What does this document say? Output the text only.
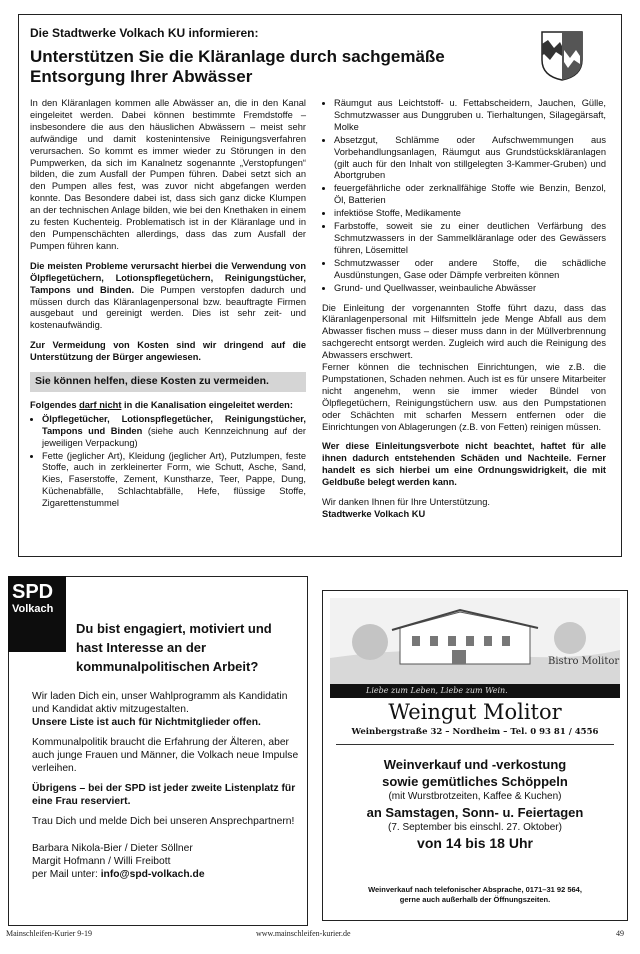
Die Stadtwerke Volkach KU informieren:
Unterstützen Sie die Kläranlage durch sachgemäße Entsorgung Ihrer Abwässer

In den Kläranlagen kommen alle Abwässer an, die in den Kanal eingeleitet werden. Dabei können bestimmte Fremdstoffe – insbesondere die aus den häuslichen Abwässern – meist sehr aufwändige und damit kostenintensive Reinigungsverfahren verursachen. So kommt es immer wieder zu Störungen in den Pumpwerken, da sich im Kanalnetz sogenannte „Verstopfungen“ bilden, die zum Ausfall der Pumpen führen. Dabei setzt sich an den Pumpen alles fest, was zuvor nicht abgefangen werden konnte. Das Besondere dabei ist, dass sich ganz dicke Klumpen an der technischen Anlage bilden, wie bei den Knethaken in einem zu festen Kuchenteig. Problematisch ist in der Kläranlage und in den Pumpenschächten allerdings, dass das zum Ausfall der Pumpen führen kann.

Die meisten Probleme verursacht hierbei die Verwendung von Ölpflegetüchern, Lotionspflegetüchern, Reinigungstücher, Tampons und Binden. Die Pumpen verstopfen dadurch und müssen durch das Kläranlagenpersonal bzw. beauftragte Firmen ausgebaut und gereinigt werden. Dies ist sehr zeit- und kostenaufwändig.

Zur Vermeidung von Kosten sind wir dringend auf die Unterstützung der Bürger angewiesen.

Sie können helfen, diese Kosten zu vermeiden.

Folgendes darf nicht in die Kanalisation eingeleitet werden:

• Ölpflegetücher, Lotionspflegetücher, Reinigungstücher, Tampons und Binden (siehe auch Kennzeichnung auf der jeweiligen Verpackung)
• Fette (jeglicher Art), Kleidung (jeglicher Art), Putzlumpen, feste Stoffe, auch in zerkleinerter Form, wie Schutt, Asche, Sand, Kies, Faserstoffe, Zement, Kunstharze, Teer, Pappe, Dung, Küchenabfälle, Schlachtabfälle, Hefe, flüssige Stoffe, Zigarettenstummel
• Räumgut aus Leichtstoff- u. Fettabscheidern, Jauchen, Gülle, Schmutzwasser aus Dunggruben u. Tierhaltungen, Silagegärsaft, Molke
• Absetzgut, Schlämme oder Aufschwemmungen aus Vorbehandlungsanlagen, Räumgut aus Grundstückskläranlagen (gilt auch für den Inhalt von stillgelegten 3-Kammer-Gruben) und Abortgruben
• feuergefährliche oder zerknallfähige Stoffe wie Benzin, Benzol, Öl, Batterien
• infektiöse Stoffe, Medikamente
• Farbstoffe, soweit sie zu einer deutlichen Verfärbung des Schmutzwassers in der Sammelkläranlage oder des Gewässers führen, Lösemittel
• Schmutzwasser oder andere Stoffe, die schädliche Ausdünstungen, Gase oder Dämpfe verbreiten können
• Grund- und Quellwasser, weinbauliche Abwässer

Die Einleitung der vorgenannten Stoffe führt dazu, dass das Kläranlagenpersonal mit Hilfsmitteln jede Menge Abfall aus dem Abwasser fischen muss – dieser muss dann in der Müllverbrennung sachgerecht entsorgt werden. Zugleich wird auch die Reinigung des Abwassers erschwert.

Ferner können die technischen Einrichtungen, wie z.B. die Pumpstationen, Schaden nehmen. Auch ist es für unsere Mitarbeiter nicht angenehm, wenn sie immer wieder Bündel von Ölpflegetüchern, Reinigungstüchern usw. aus den Pumpstationen oder Schächten mit scharfen Messern entfernen oder die Einrichtungen von Ablagerungen (z.B. von Fetten) reinigen müssen.

Wer diese Einleitungsverbote nicht beachtet, haftet für alle ihnen dadurch entstehenden Schäden und Nachteile. Ferner handelt es sich hierbei um eine Ordnungswidrigkeit, die mit Geldbuße belegt werden kann.

Wir danken Ihnen für Ihre Unterstützung.

Stadtwerke Volkach KU

SPD
Volkach
Du bist engagiert, motiviert und hast Interesse an der kommunalpolitischen Arbeit?

Wir laden Dich ein, unser Wahlprogramm als Kandidatin und Kandidat aktiv mitzugestalten.
Unsere Liste ist auch für Nichtmitglieder offen.

Kommunalpolitik braucht die Erfahrung der Älteren, aber auch junge Frauen und Männer, die Volkach neue Impulse verleihen.

Übrigens – bei der SPD ist jeder zweite Listenplatz für eine Frau reserviert.

Trau Dich und melde Dich bei unseren Ansprechpartnern!

Barbara Nikola-Bier / Dieter Söllner
Margit Hofmann / Willi Freibott
per Mail unter: info@spd-volkach.de
Bistro Molitor
Liebe zum Leben, Liebe zum Wein.
Weingut Molitor
Weinbergstraße 32 – Nordheim – Tel. 0 93 81 / 4556
Weinverkauf und -verkostung
sowie gemütliches Schöppeln
(mit Wurstbrotzeiten, Kaffee & Kuchen)
an Samstagen, Sonn- u. Feiertagen
(7. September bis einschl. 27. Oktober)
von 14 bis 18 Uhr
Weinverkauf nach telefonischer Absprache, 0171–31 92 564,
gerne auch außerhalb der Öffnungszeiten.
Mainschleifen-Kurier 9-19	www.mainschleifen-kurier.de	49
